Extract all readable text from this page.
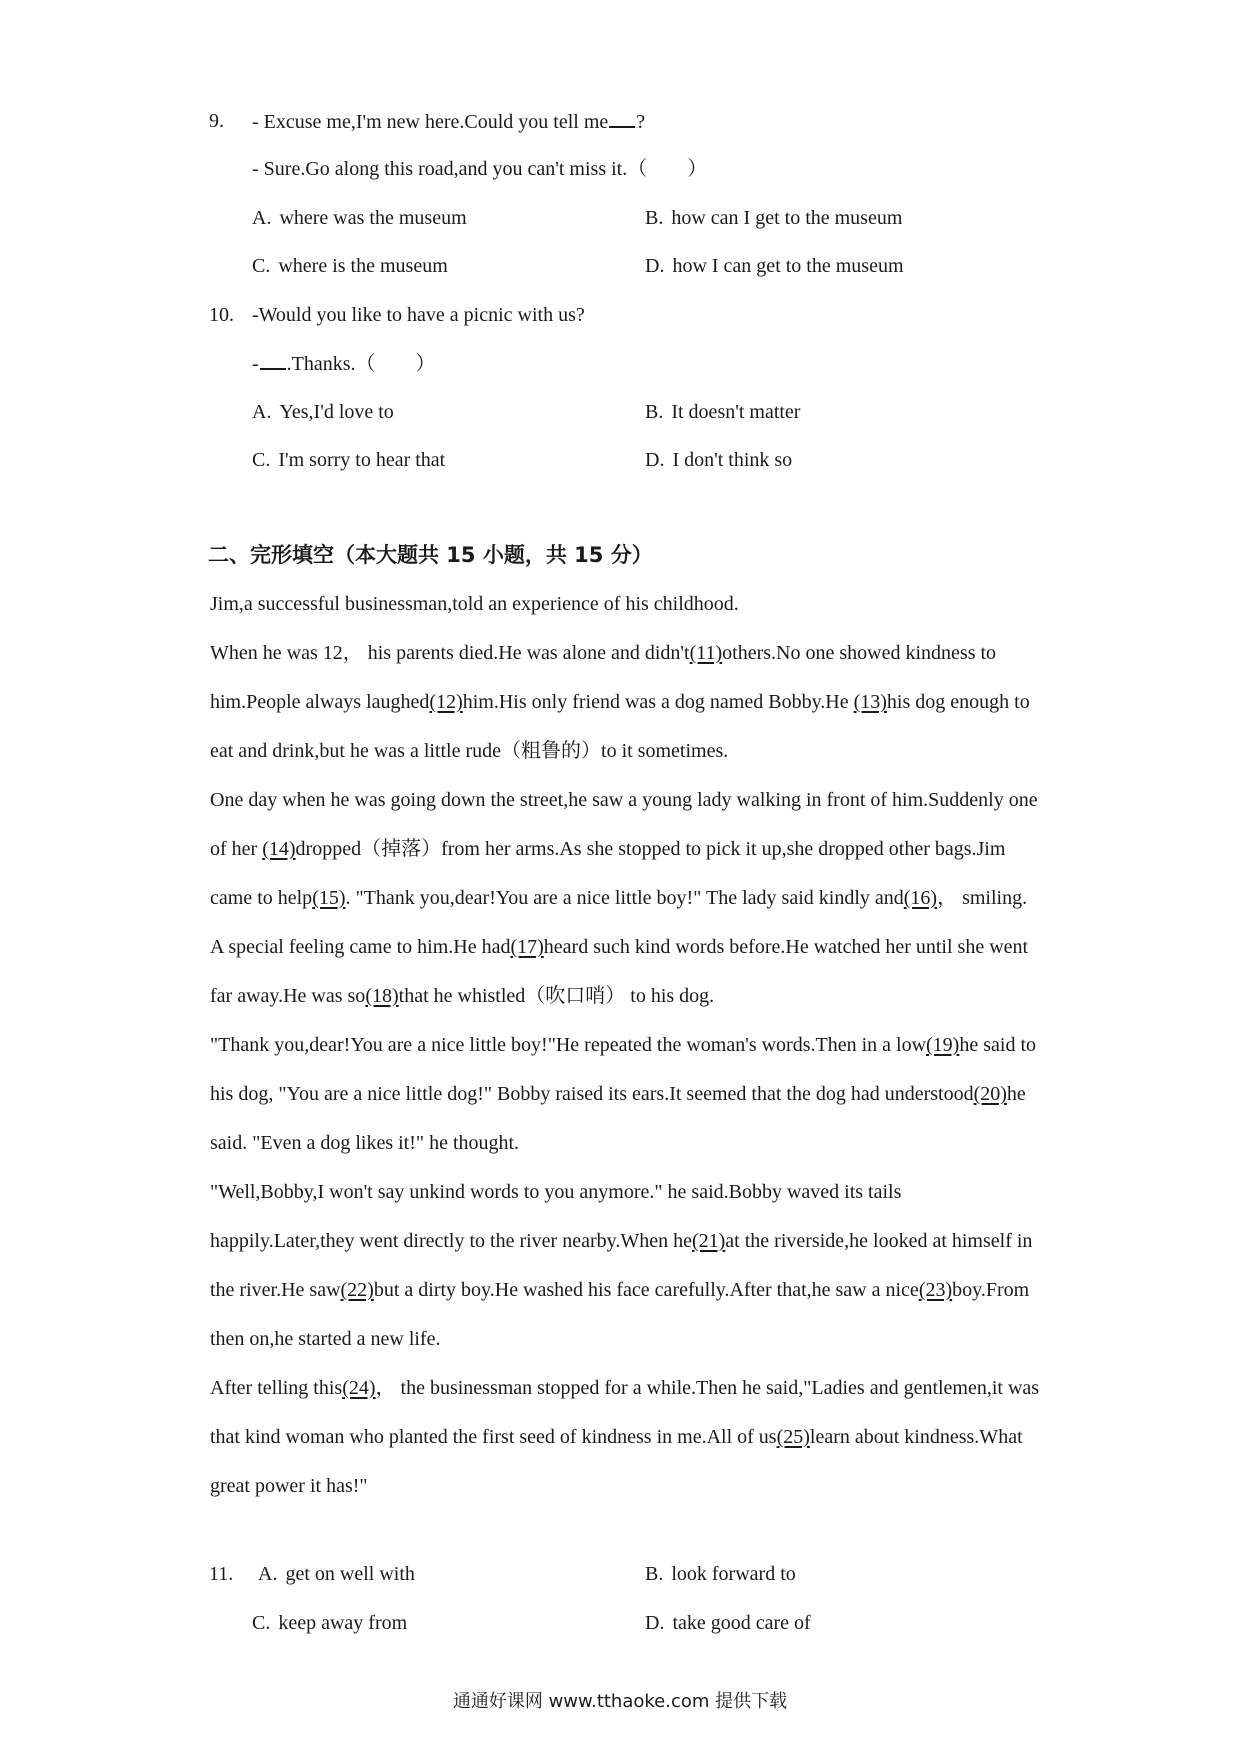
9. - Excuse me,I'm new here.Could you tell me ?
- Sure.Go along this road,and you can't miss it.（　　）
A. where was the museum	B. how can I get to the museum
C. where is the museum	D. how I can get to the museum
10. -Would you like to have a picnic with us?
- .Thanks.（　　）
A. Yes,I'd love to	B. It doesn't matter
C. I'm sorry to hear that	D. I don't think so
二、完形填空（本大题共 15 小题，共 15 分）

Jim,a successful businessman,told an experience of his childhood.

When he was 12， his parents died.He was alone and didn't(11)others.No one showed kindness to him.People always laughed(12)him.His only friend was a dog named Bobby.He (13)his dog enough to eat and drink,but he was a little rude（粗鲁的）to it sometimes.

One day when he was going down the street,he saw a young lady walking in front of him.Suddenly one of her (14)dropped（掉落）from her arms.As she stopped to pick it up,she dropped other bags.Jim came to help(15). "Thank you,dear!You are a nice little boy!" The lady said kindly and(16)， smiling.

A special feeling came to him.He had(17)heard such kind words before.He watched her until she went far away.He was so(18)that he whistled（吹口哨） to his dog.

"Thank you,dear!You are a nice little boy!"He repeated the woman's words.Then in a low(19)he said to his dog, "You are a nice little dog!" Bobby raised its ears.It seemed that the dog had understood(20)he said. "Even a dog likes it!" he thought.

"Well,Bobby,I won't say unkind words to you anymore." he said.Bobby waved its tails happily.Later,they went directly to the river nearby.When he(21)at the riverside,he looked at himself in the river.He saw(22)but a dirty boy.He washed his face carefully.After that,he saw a nice(23)boy.From then on,he started a new life.

After telling this(24)， the businessman stopped for a while.Then he said,"Ladies and gentlemen,it was that kind woman who planted the first seed of kindness in me.All of us(25)learn about kindness.What great power it has!"

11. A. get on well with	B. look forward to
C. keep away from	D. take good care of
通通好课网 www.tthaoke.com 提供下载
